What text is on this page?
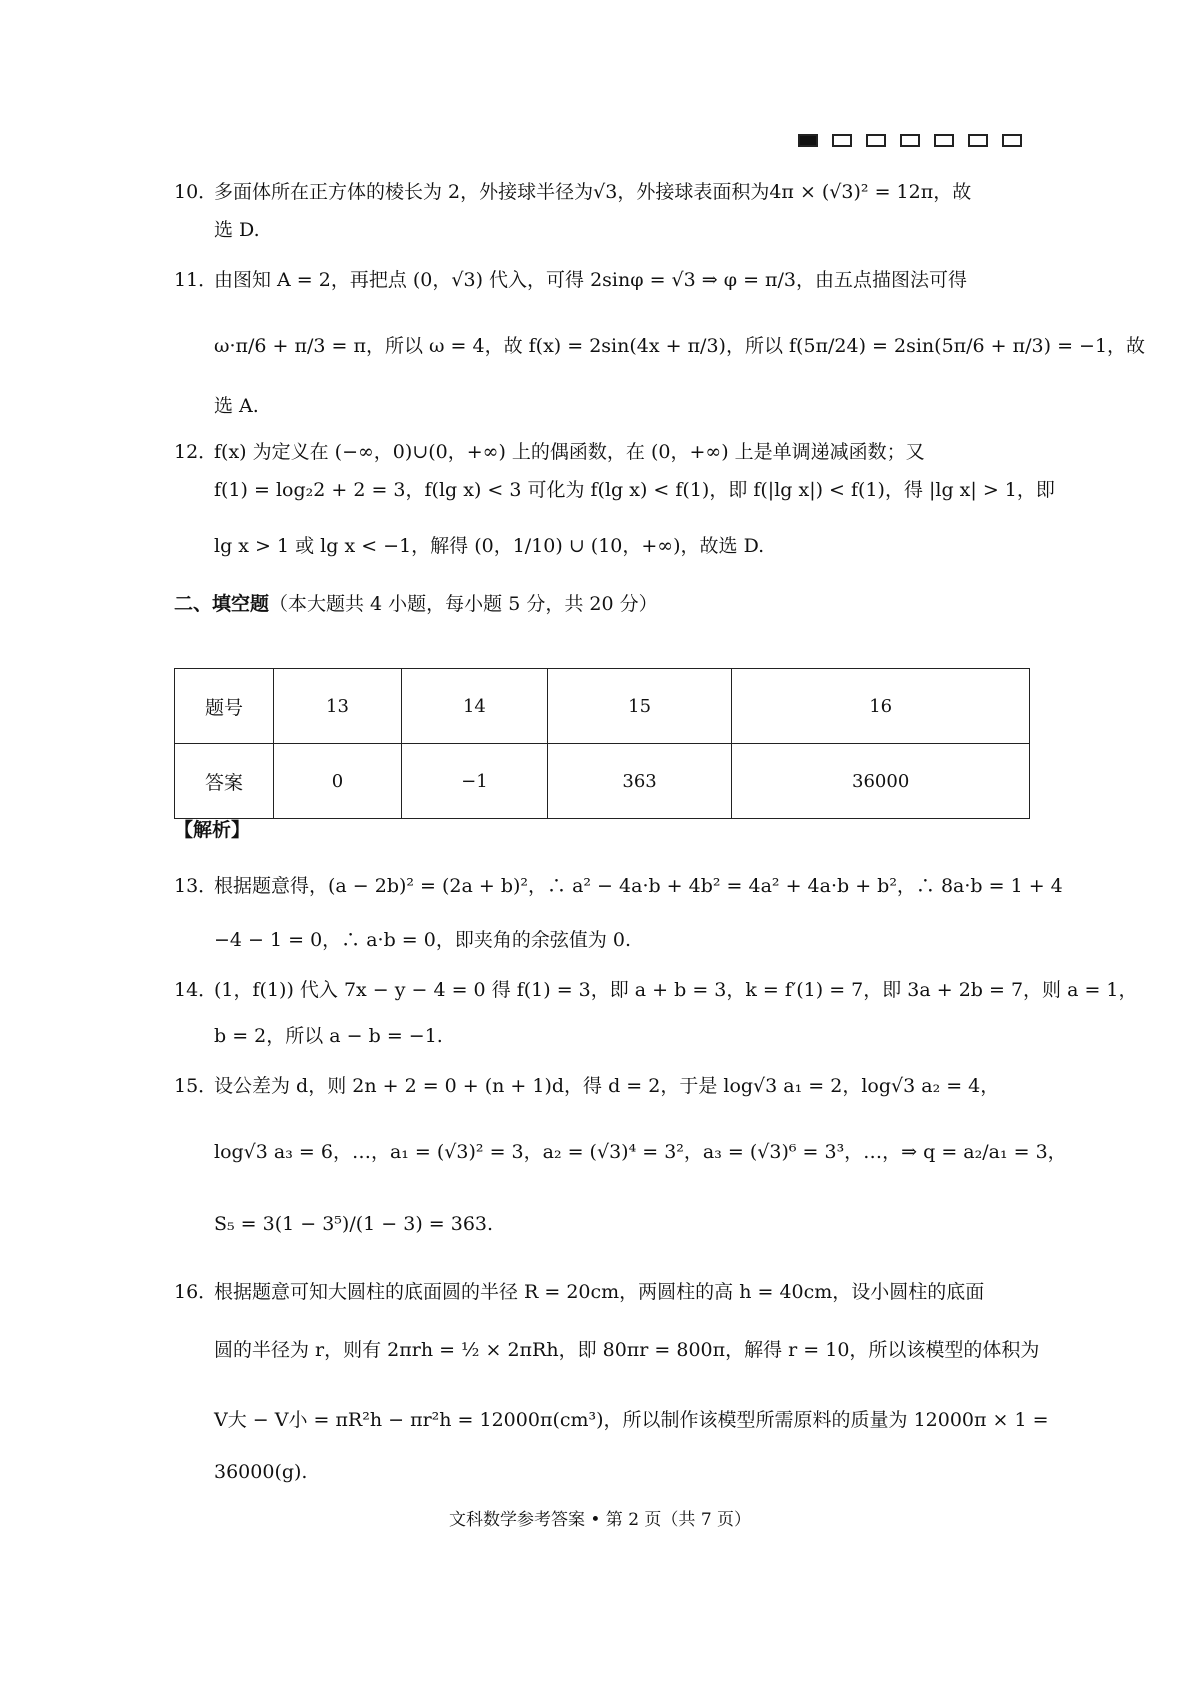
10．多面体所在正方体的棱长为 2，外接球半径为√3，外接球表面积为4π × (√3)² = 12π，故
选 D.
11．由图知 A = 2，再把点 (0，√3) 代入，可得 2sinφ = √3 ⇒ φ = π/3，由五点描图法可得
ω·π/6 + π/3 = π，所以 ω = 4，故 f(x) = 2sin(4x + π/3)，所以 f(5π/24) = 2sin(5π/6 + π/3) = −1，故
选 A.
12．f(x) 为定义在 (−∞，0)∪(0，+∞) 上的偶函数，在 (0，+∞) 上是单调递减函数；又
f(1) = log₂2 + 2 = 3，f(lg x) < 3 可化为 f(lg x) < f(1)，即 f(|lg x|) < f(1)，得 |lg x| > 1，即
lg x > 1 或 lg x < −1，解得 (0，1/10) ∪ (10，+∞)，故选 D.
二、填空题（本大题共 4 小题，每小题 5 分，共 20 分）
题号	13	14	15	16
答案	0	−1	363	36000
【解析】
13．根据题意得，(a − 2b)² = (2a + b)²，∴ a² − 4a·b + 4b² = 4a² + 4a·b + b²，∴ 8a·b = 1 + 4
−4 − 1 = 0，∴ a·b = 0，即夹角的余弦值为 0.
14．(1，f(1)) 代入 7x − y − 4 = 0 得 f(1) = 3，即 a + b = 3，k = f′(1) = 7，即 3a + 2b = 7，则 a = 1，
b = 2，所以 a − b = −1.
15．设公差为 d，则 2n + 2 = 0 + (n + 1)d，得 d = 2，于是 log√3 a₁ = 2，log√3 a₂ = 4，
log√3 a₃ = 6，…，a₁ = (√3)² = 3，a₂ = (√3)⁴ = 3²，a₃ = (√3)⁶ = 3³，…，⇒ q = a₂/a₁ = 3，
S₅ = 3(1 − 3⁵)/(1 − 3) = 363.
16．根据题意可知大圆柱的底面圆的半径 R = 20cm，两圆柱的高 h = 40cm，设小圆柱的底面
圆的半径为 r，则有 2πrh = ½ × 2πRh，即 80πr = 800π，解得 r = 10，所以该模型的体积为
V大 − V小 = πR²h − πr²h = 12000π(cm³)，所以制作该模型所需原料的质量为 12000π × 1 =
36000(g).
文科数学参考答案 • 第 2 页（共 7 页）
